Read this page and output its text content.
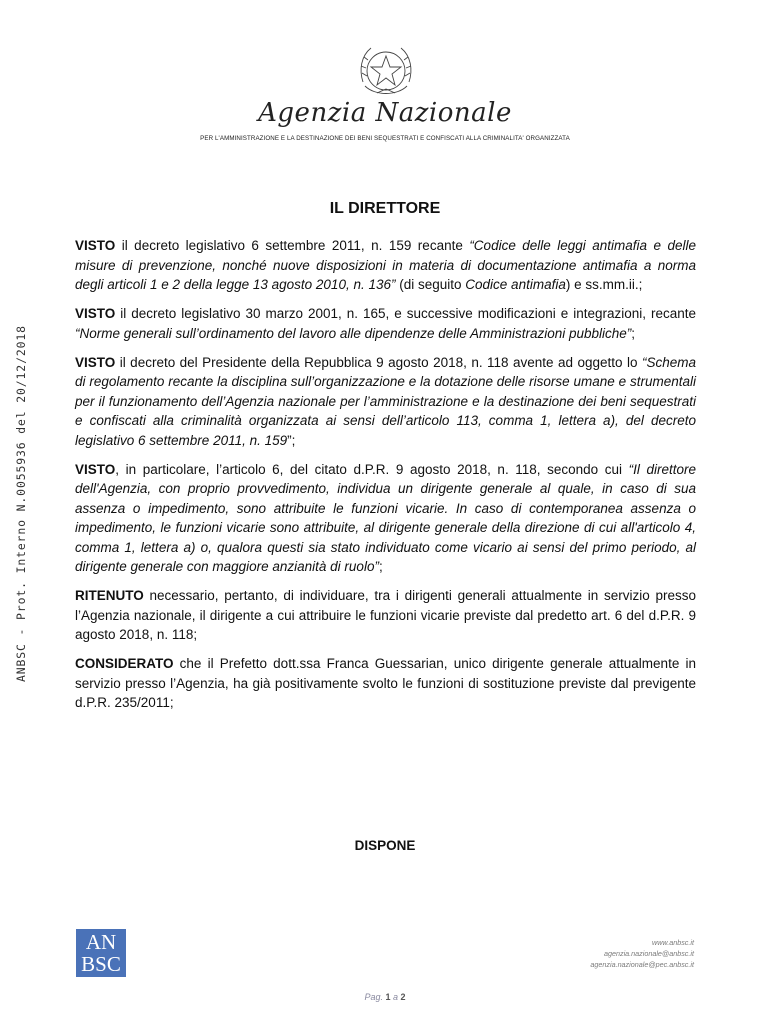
Agenzia Nazionale
PER L'AMMINISTRAZIONE E LA DESTINAZIONE DEI BENI SEQUESTRATI E CONFISCATI ALLA CRIMINALITA' ORGANIZZATA
ANBSC - Prot. Interno N.0055936 del 20/12/2018
IL DIRETTORE

VISTO il decreto legislativo 6 settembre 2011, n. 159 recante “Codice delle leggi antimafia e delle misure di prevenzione, nonché nuove disposizioni in materia di documentazione antimafia a norma degli articoli 1 e 2 della legge 13 agosto 2010, n. 136” (di seguito Codice antimafia) e ss.mm.ii.;

VISTO il decreto legislativo 30 marzo 2001, n. 165, e successive modificazioni e integrazioni, recante “Norme generali sull’ordinamento del lavoro alle dipendenze delle Amministrazioni pubbliche”;

VISTO il decreto del Presidente della Repubblica 9 agosto 2018, n. 118 avente ad oggetto lo “Schema di regolamento recante la disciplina sull’organizzazione e la dotazione delle risorse umane e strumentali per il funzionamento dell’Agenzia nazionale per l’amministrazione e la destinazione dei beni sequestrati e confiscati alla criminalità organizzata ai sensi dell’articolo 113, comma 1, lettera a), del decreto legislativo 6 settembre 2011, n. 159”;

VISTO, in particolare, l’articolo 6, del citato d.P.R. 9 agosto 2018, n. 118, secondo cui “Il direttore dell'Agenzia, con proprio provvedimento, individua un dirigente generale al quale, in caso di sua assenza o impedimento, sono attribuite le funzioni vicarie. In caso di contemporanea assenza o impedimento, le funzioni vicarie sono attribuite, al dirigente generale della direzione di cui all'articolo 4, comma 1, lettera a) o, qualora questi sia stato individuato come vicario ai sensi del primo periodo, al dirigente generale con maggiore anzianità di ruolo”;

RITENUTO necessario, pertanto, di individuare, tra i dirigenti generali attualmente in servizio presso l’Agenzia nazionale, il dirigente a cui attribuire le funzioni vicarie previste dal predetto art. 6 del d.P.R. 9 agosto 2018, n. 118;

CONSIDERATO che il Prefetto dott.ssa Franca Guessarian, unico dirigente generale attualmente in servizio presso l’Agenzia, ha già positivamente svolto le funzioni di sostituzione previste dal previgente d.P.R. 235/2011;

DISPONE
AN
BSC
www.anbsc.it
agenzia.nazionale@anbsc.it
agenzia.nazionale@pec.anbsc.it
Pag. 1 a 2
